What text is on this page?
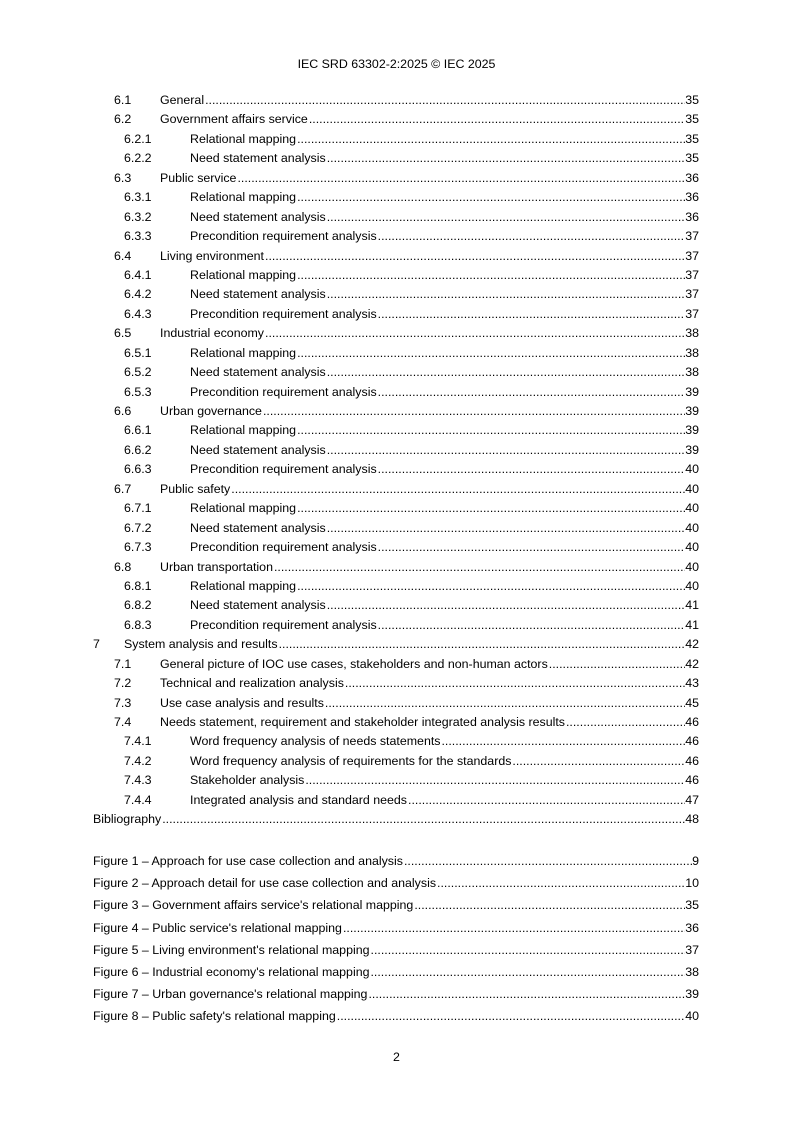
IEC SRD 63302-2:2025 © IEC 2025
6.1	General .....	35
6.2	Government affairs service .....	35
6.2.1	Relational mapping .....	35
6.2.2	Need statement analysis .....	35
6.3	Public service .....	36
6.3.1	Relational mapping .....	36
6.3.2	Need statement analysis .....	36
6.3.3	Precondition requirement analysis .....	37
6.4	Living environment .....	37
6.4.1	Relational mapping .....	37
6.4.2	Need statement analysis .....	37
6.4.3	Precondition requirement analysis .....	37
6.5	Industrial economy .....	38
6.5.1	Relational mapping .....	38
6.5.2	Need statement analysis .....	38
6.5.3	Precondition requirement analysis .....	39
6.6	Urban governance .....	39
6.6.1	Relational mapping .....	39
6.6.2	Need statement analysis .....	39
6.6.3	Precondition requirement analysis .....	40
6.7	Public safety .....	40
6.7.1	Relational mapping .....	40
6.7.2	Need statement analysis .....	40
6.7.3	Precondition requirement analysis .....	40
6.8	Urban transportation .....	40
6.8.1	Relational mapping .....	40
6.8.2	Need statement analysis .....	41
6.8.3	Precondition requirement analysis .....	41
7	System analysis and results .....	42
7.1	General picture of IOC use cases, stakeholders and non-human actors .....	42
7.2	Technical and realization analysis .....	43
7.3	Use case analysis and results .....	45
7.4	Needs statement, requirement and stakeholder integrated analysis results .....	46
7.4.1	Word frequency analysis of needs statements .....	46
7.4.2	Word frequency analysis of requirements for the standards .....	46
7.4.3	Stakeholder analysis .....	46
7.4.4	Integrated analysis and standard needs .....	47
Bibliography .....	48
Figure 1 – Approach for use case collection and analysis .....	9
Figure 2 – Approach detail for use case collection and analysis .....	10
Figure 3 – Government affairs service's relational mapping .....	35
Figure 4 – Public service's relational mapping .....	36
Figure 5 – Living environment's relational mapping .....	37
Figure 6 – Industrial economy's relational mapping .....	38
Figure 7 – Urban governance's relational mapping .....	39
Figure 8 – Public safety's relational mapping .....	40
2
